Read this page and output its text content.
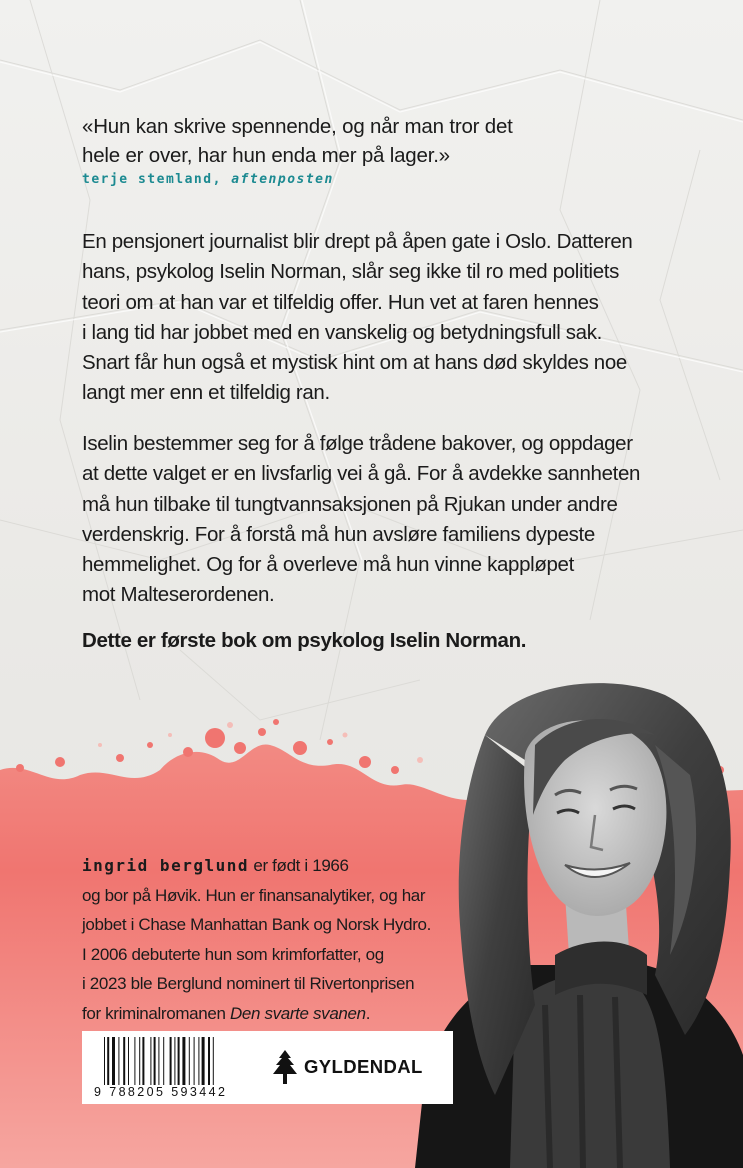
«Hun kan skrive spennende, og når man tror det
hele er over, har hun enda mer på lager.»
terje stemland, aftenposten
En pensjonert journalist blir drept på åpen gate i Oslo. Datteren
hans, psykolog Iselin Norman, slår seg ikke til ro med politiets
teori om at han var et tilfeldig offer. Hun vet at faren hennes
i lang tid har jobbet med en vanskelig og betydningsfull sak.
Snart får hun også et mystisk hint om at hans død skyldes noe
langt mer enn et tilfeldig ran.
Iselin bestemmer seg for å følge trådene bakover, og oppdager
at dette valget er en livsfarlig vei å gå. For å avdekke sannheten
må hun tilbake til tungtvannsaksjonen på Rjukan under andre
verdenskrig. For å forstå må hun avsløre familiens dypeste
hemmelighet. Og for å overleve må hun vinne kappløpet
mot Malteserordenen.
Dette er første bok om psykolog Iselin Norman.
ingrid berglund er født i 1966
og bor på Høvik. Hun er finansanalytiker, og har
jobbet i Chase Manhattan Bank og Norsk Hydro.
I 2006 debuterte hun som krimforfatter, og
i 2023 ble Berglund nominert til Rivertonprisen
for kriminalromanen Den svarte svanen.
9 788205 593442
GYLDENDAL
